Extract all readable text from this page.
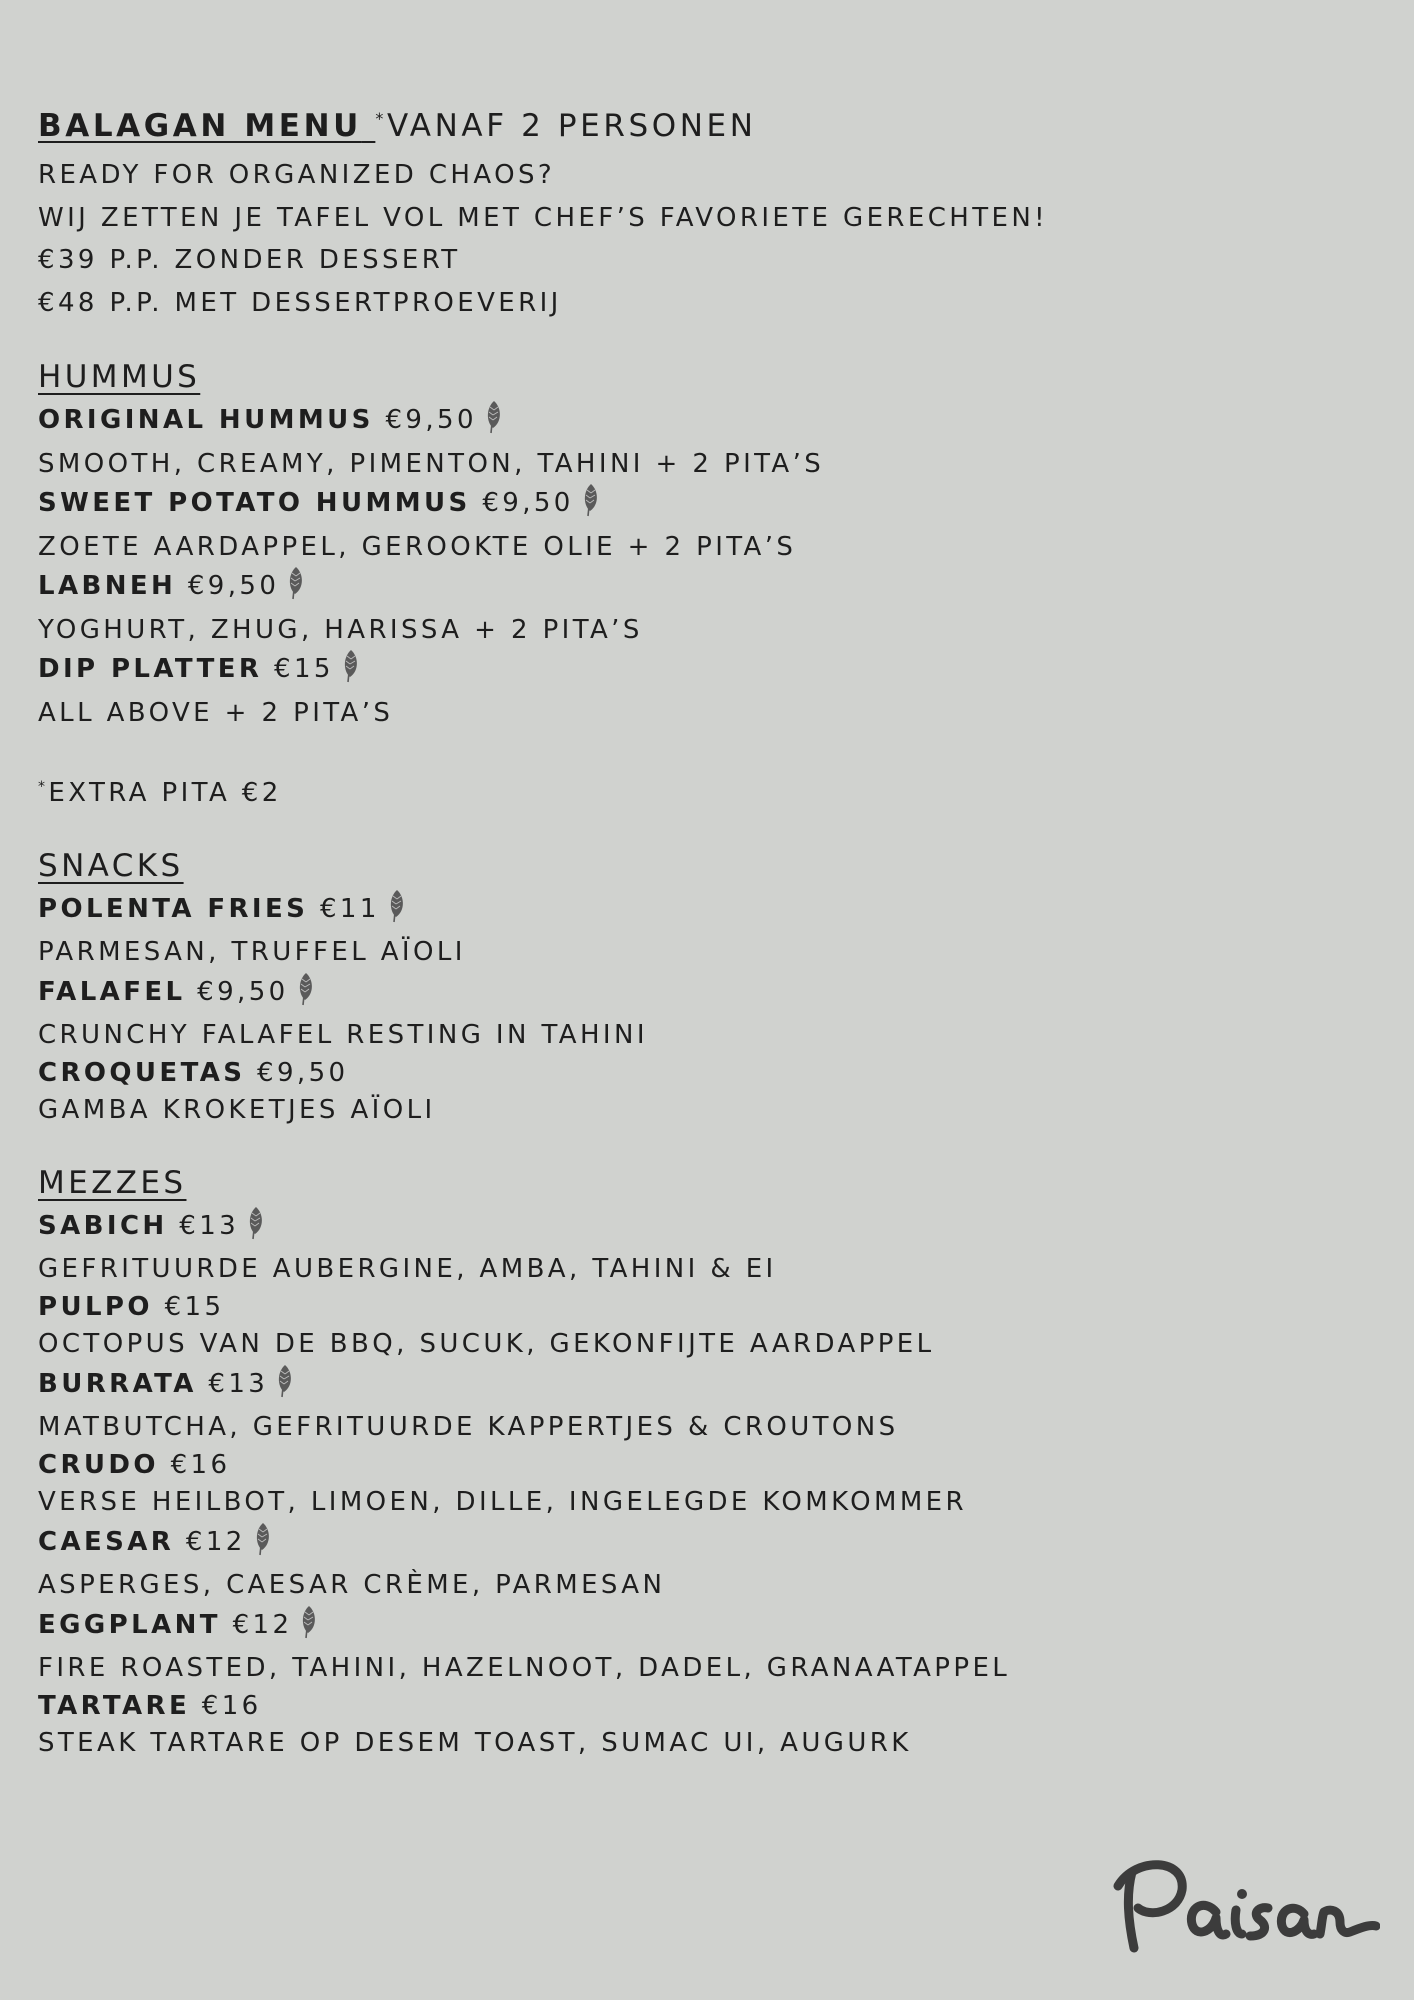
BALAGAN MENU *VANAF 2 PERSONEN
READY FOR ORGANIZED CHAOS?
WIJ ZETTEN JE TAFEL VOL MET CHEF’S FAVORIETE GERECHTEN!
€39 P.P. ZONDER DESSERT
€48 P.P. MET DESSERTPROEVERIJ
HUMMUS
ORIGINAL HUMMUS €9,50
SMOOTH, CREAMY, PIMENTON, TAHINI + 2 PITA’S
SWEET POTATO HUMMUS €9,50
ZOETE AARDAPPEL, GEROOKTE OLIE + 2 PITA’S
LABNEH €9,50
YOGHURT, ZHUG, HARISSA + 2 PITA’S
DIP PLATTER €15
ALL ABOVE + 2 PITA’S
*EXTRA PITA €2
SNACKS
POLENTA FRIES €11
PARMESAN, TRUFFEL AÏOLI
FALAFEL €9,50
CRUNCHY FALAFEL RESTING IN TAHINI
CROQUETAS €9,50
GAMBA KROKETJES AÏOLI
MEZZES
SABICH €13
GEFRITUURDE AUBERGINE, AMBA, TAHINI & EI
PULPO €15
OCTOPUS VAN DE BBQ, SUCUK, GEKONFIJTE AARDAPPEL
BURRATA €13
MATBUTCHA, GEFRITUURDE KAPPERTJES & CROUTONS
CRUDO €16
VERSE HEILBOT, LIMOEN, DILLE, INGELEGDE KOMKOMMER
CAESAR €12
ASPERGES, CAESAR CRÈME, PARMESAN
EGGPLANT €12
FIRE ROASTED, TAHINI, HAZELNOOT, DADEL, GRANAATAPPEL
TARTARE €16
STEAK TARTARE OP DESEM TOAST, SUMAC UI, AUGURK
